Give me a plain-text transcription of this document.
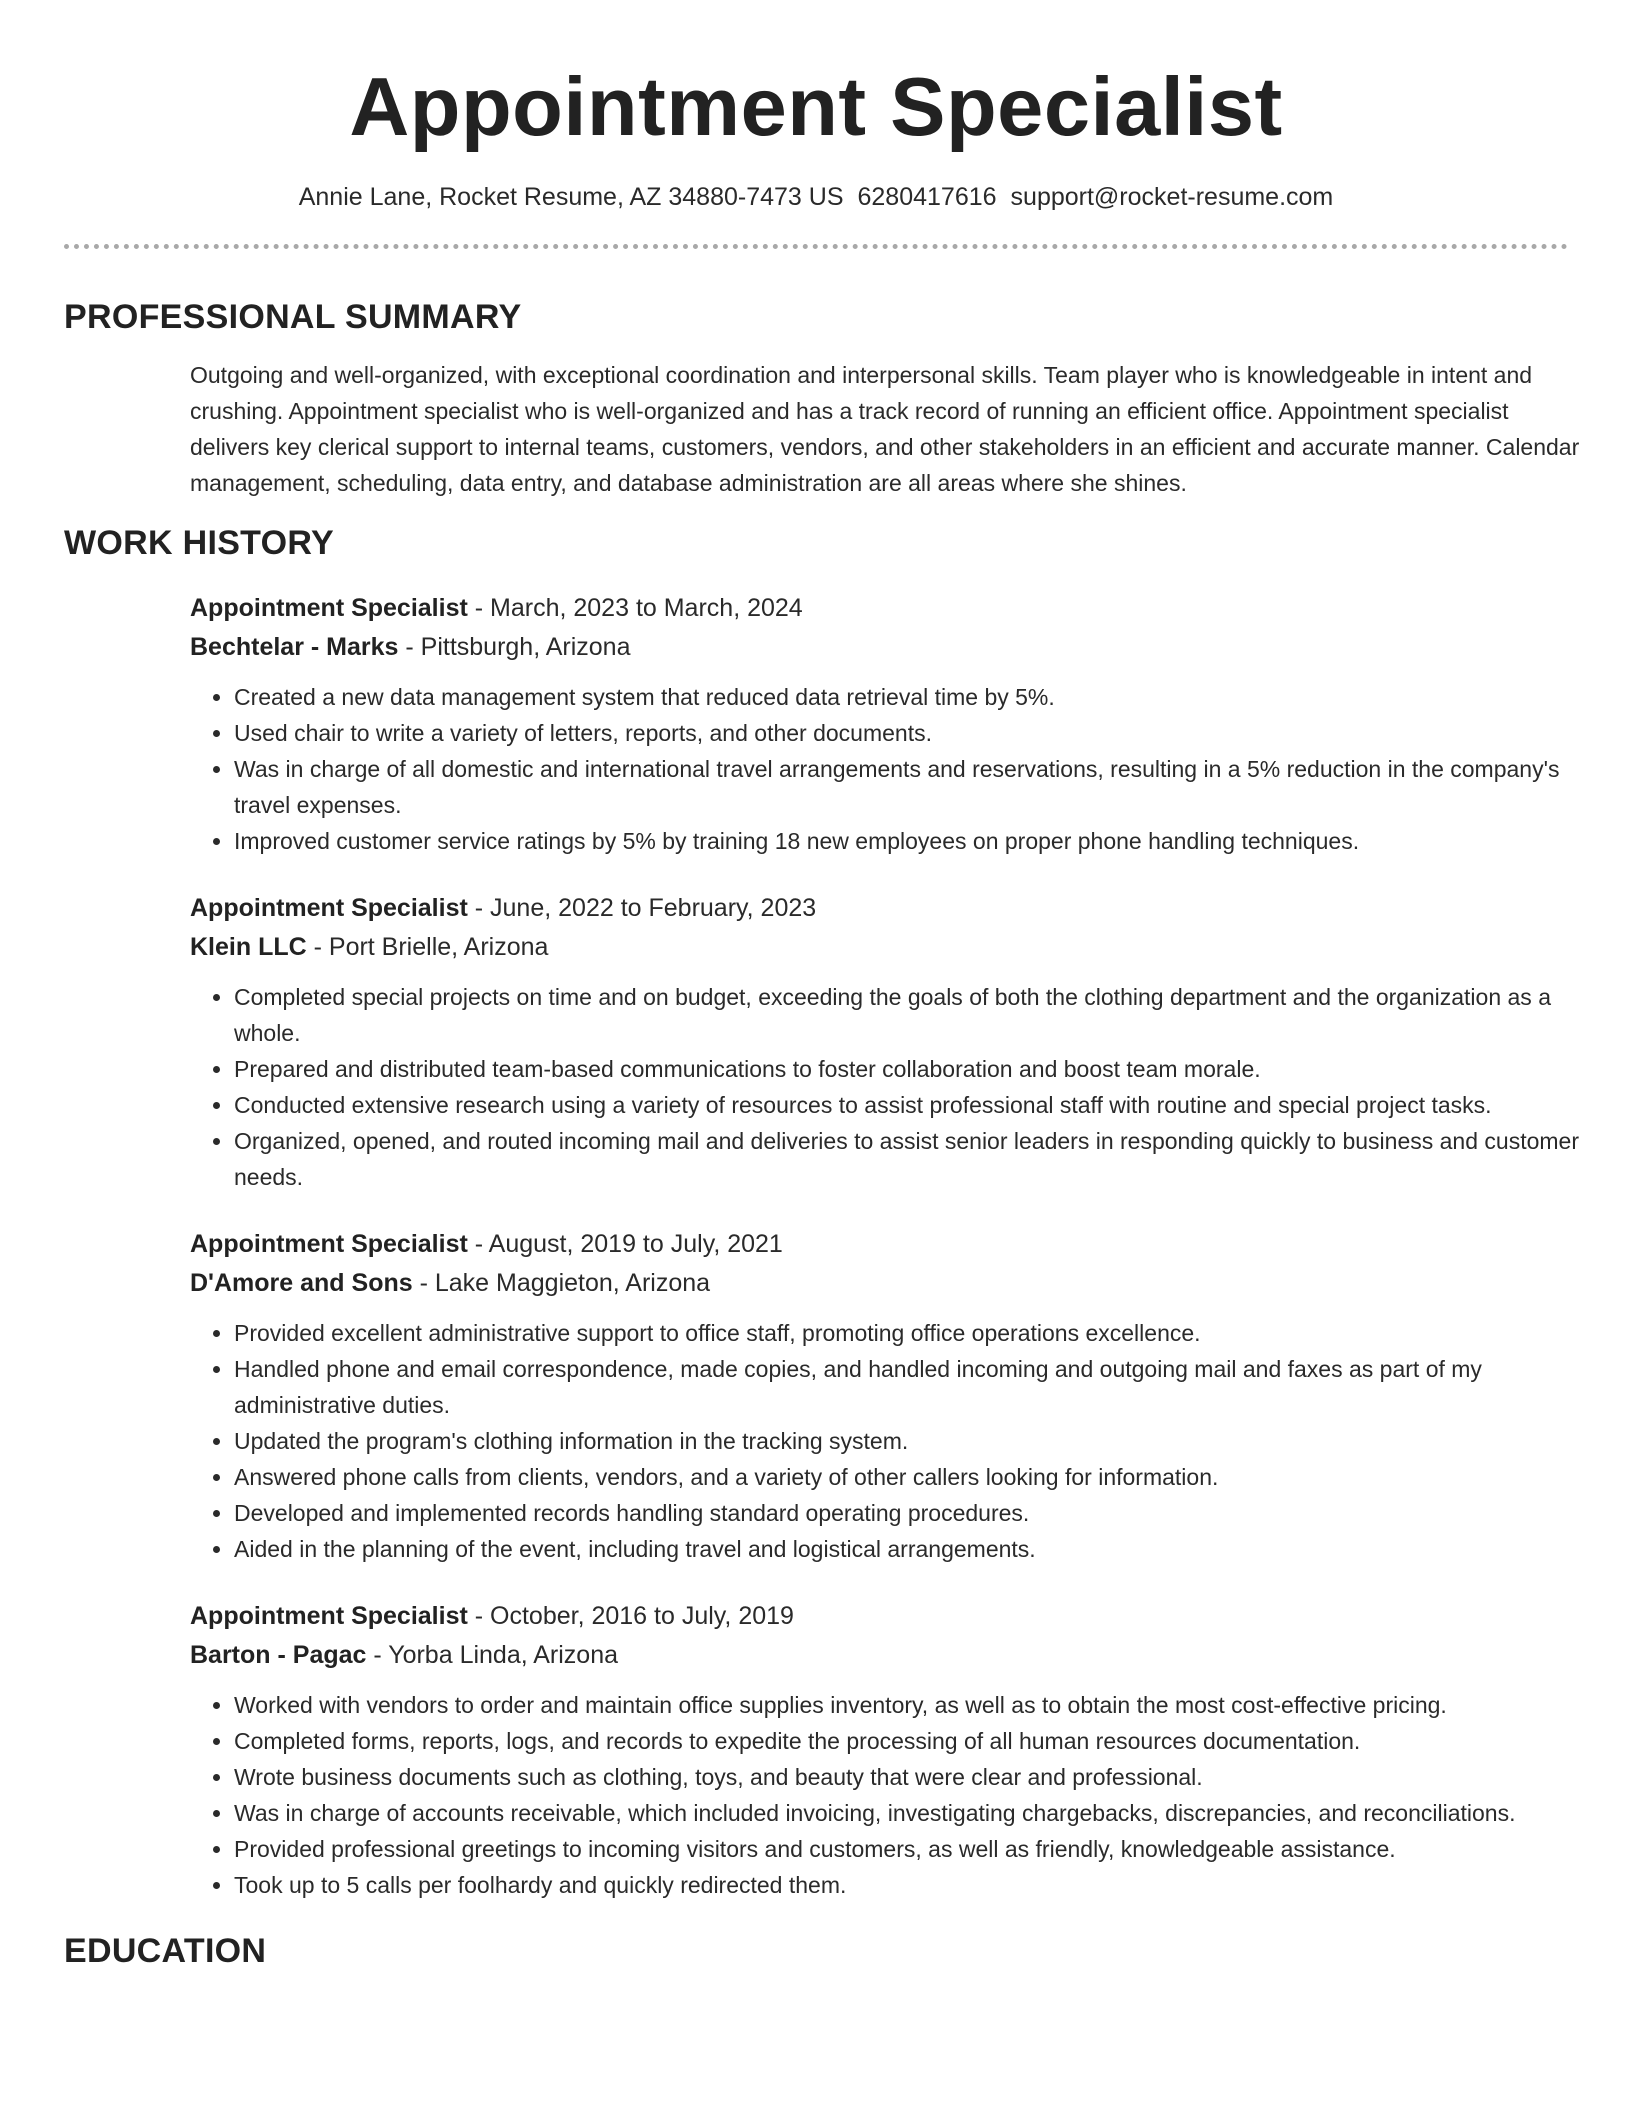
Appointment Specialist
Annie Lane, Rocket Resume, AZ 34880-7473 US 6280417616 support@rocket-resume.com
PROFESSIONAL SUMMARY

Outgoing and well-organized, with exceptional coordination and interpersonal skills. Team player who is knowledgeable in intent and crushing. Appointment specialist who is well-organized and has a track record of running an efficient office. Appointment specialist delivers key clerical support to internal teams, customers, vendors, and other stakeholders in an efficient and accurate manner. Calendar management, scheduling, data entry, and database administration are all areas where she shines.

WORK HISTORY
Appointment Specialist - March, 2023 to March, 2024
Bechtelar - Marks - Pittsburgh, Arizona
• Created a new data management system that reduced data retrieval time by 5%.
• Used chair to write a variety of letters, reports, and other documents.
• Was in charge of all domestic and international travel arrangements and reservations, resulting in a 5% reduction in the company's travel expenses.
• Improved customer service ratings by 5% by training 18 new employees on proper phone handling techniques.
Appointment Specialist - June, 2022 to February, 2023
Klein LLC - Port Brielle, Arizona
• Completed special projects on time and on budget, exceeding the goals of both the clothing department and the organization as a whole.
• Prepared and distributed team-based communications to foster collaboration and boost team morale.
• Conducted extensive research using a variety of resources to assist professional staff with routine and special project tasks.
• Organized, opened, and routed incoming mail and deliveries to assist senior leaders in responding quickly to business and customer needs.
Appointment Specialist - August, 2019 to July, 2021
D'Amore and Sons - Lake Maggieton, Arizona
• Provided excellent administrative support to office staff, promoting office operations excellence.
• Handled phone and email correspondence, made copies, and handled incoming and outgoing mail and faxes as part of my administrative duties.
• Updated the program's clothing information in the tracking system.
• Answered phone calls from clients, vendors, and a variety of other callers looking for information.
• Developed and implemented records handling standard operating procedures.
• Aided in the planning of the event, including travel and logistical arrangements.
Appointment Specialist - October, 2016 to July, 2019
Barton - Pagac - Yorba Linda, Arizona
• Worked with vendors to order and maintain office supplies inventory, as well as to obtain the most cost-effective pricing.
• Completed forms, reports, logs, and records to expedite the processing of all human resources documentation.
• Wrote business documents such as clothing, toys, and beauty that were clear and professional.
• Was in charge of accounts receivable, which included invoicing, investigating chargebacks, discrepancies, and reconciliations.
• Provided professional greetings to incoming visitors and customers, as well as friendly, knowledgeable assistance.
• Took up to 5 calls per foolhardy and quickly redirected them.
EDUCATION
